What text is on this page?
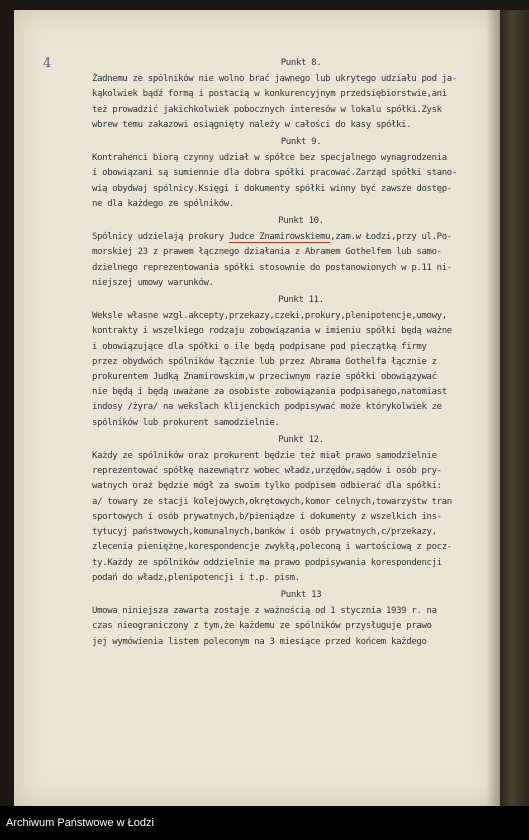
4	Punkt 8.
Żadnemu ze spólników nie wolno brać jawnego lub ukrytego udziału pod ja-
kąkolwiek bądź formą i postacią w konkurencyjnym przedsiębiorstwie,ani
też prowadzić jakichkolwiek pobocznych interesów w lokalu spółki.Zysk
wbrew temu zakazowi osiągnięty należy w całości do kasy spółki.
Punkt 9.
Kontrahenci biorą czynny udział w spółce bez specjalnego wynagrodzenia
i obowiązani są sumiennie dla dobra spółki pracować.Zarząd spółki stano-
wią obydwaj spólnicy.Księgi i dokumenty spółki winny być zawsze dostęp-
ne dla każdego ze spólników.
Punkt 10.
Spólnicy udzielają prokury Judce Znamirowskiemu,zam.w Łodzi,przy ul.Po-
morskiej 23 z prawem łącznego działania z Abramem Gothelfem lub samo-
dzielnego reprezentowania spółki stosownie do postanowionych w p.11 ni-
niejszej umowy warunków.
Punkt 11.
Weksle własne wzgl.akcepty,przekazy,czeki,prokury,plenipotencje,umowy,
kontrakty i wszelkiego rodzaju zobowiązania w imieniu spółki będą ważne
i obowiązujące dla spółki o ile będą podpisane pod pieczątką firmy
przez obydwóch spólników łącznie lub przez Abrama Gothelfa łącznie z
prokurentem Judką Znamirowskim,w przeciwnym razie spółki obowiązywać
nie będą i będą uważane za osobiste zobowiązania podpisanego,natomiast
indosy /żyra/ na wekslach klijenckich podpisywać może którykolwiek ze
spólników lub prokurent samodzielnie.
Punkt 12.
Każdy ze spólników oraz prokurent będzie też miał prawo samodzielnie
reprezentować spółkę nazewnątrz wobec władz,urzędów,sądów i osób pry-
watnych oraz będzie mógł za swoim tylko podpisem odbierać dla spółki:
a/ towary ze stacji kolejowych,okrętowych,komor celnych,towarzystw tran
sportowych i osób prywatnych,b/pieniądze i dokumenty z wszelkich ins-
tytucyj państwowych,komunalnych,banków i osób prywatnych,c/przekazy,
zlecenia pieniężne,korespondencje zwykłą,poleconą i wartościową z pocz-
ty.Każdy ze spólników oddzielnie ma prawo podpisywania korespondencji
podań do władz,plenipotencji i t.p. pism.
Punkt 13
Umowa niniejsza zawarta zostaje z ważnością od 1 stycznia 1939 r. na
czas nieograniczony z tym,że każdemu ze spólników przysługuje prawo
jej wymówienia listem poleconym na 3 miesiące przed końcem każdego
Archiwum Państwowe w Łodzi
